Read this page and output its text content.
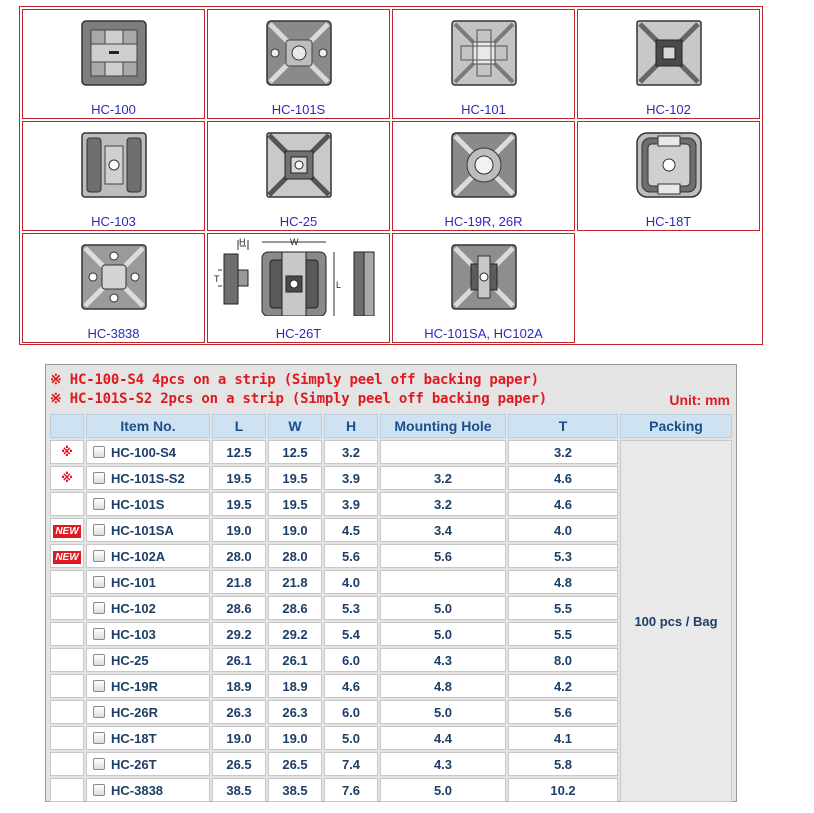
HC-100	HC-101S	HC-101	HC-102
HC-103	HC-25	HC-19R, 26R	HC-18T
HC-3838
H
T
W
L
HC-26T	HC-101SA, HC102A
※ HC-100-S4 4pcs on a strip (Simply peel off backing paper)
※ HC-101S-S2 2pcs on a strip (Simply peel off backing paper)	Unit: mm
	Item No.	L	W	H	Mounting Hole	T	Packing
※	HC-100-S4	12.5	12.5	3.2		3.2	100 pcs / Bag
※	HC-101S-S2	19.5	19.5	3.9	3.2	4.6	
	HC-101S	19.5	19.5	3.9	3.2	4.6	
NEW	HC-101SA	19.0	19.0	4.5	3.4	4.0	
NEW	HC-102A	28.0	28.0	5.6	5.6	5.3	
	HC-101	21.8	21.8	4.0		4.8	
	HC-102	28.6	28.6	5.3	5.0	5.5	
	HC-103	29.2	29.2	5.4	5.0	5.5	
	HC-25	26.1	26.1	6.0	4.3	8.0	
	HC-19R	18.9	18.9	4.6	4.8	4.2	
	HC-26R	26.3	26.3	6.0	5.0	5.6	
	HC-18T	19.0	19.0	5.0	4.4	4.1	
	HC-26T	26.5	26.5	7.4	4.3	5.8	
	HC-3838	38.5	38.5	7.6	5.0	10.2	
